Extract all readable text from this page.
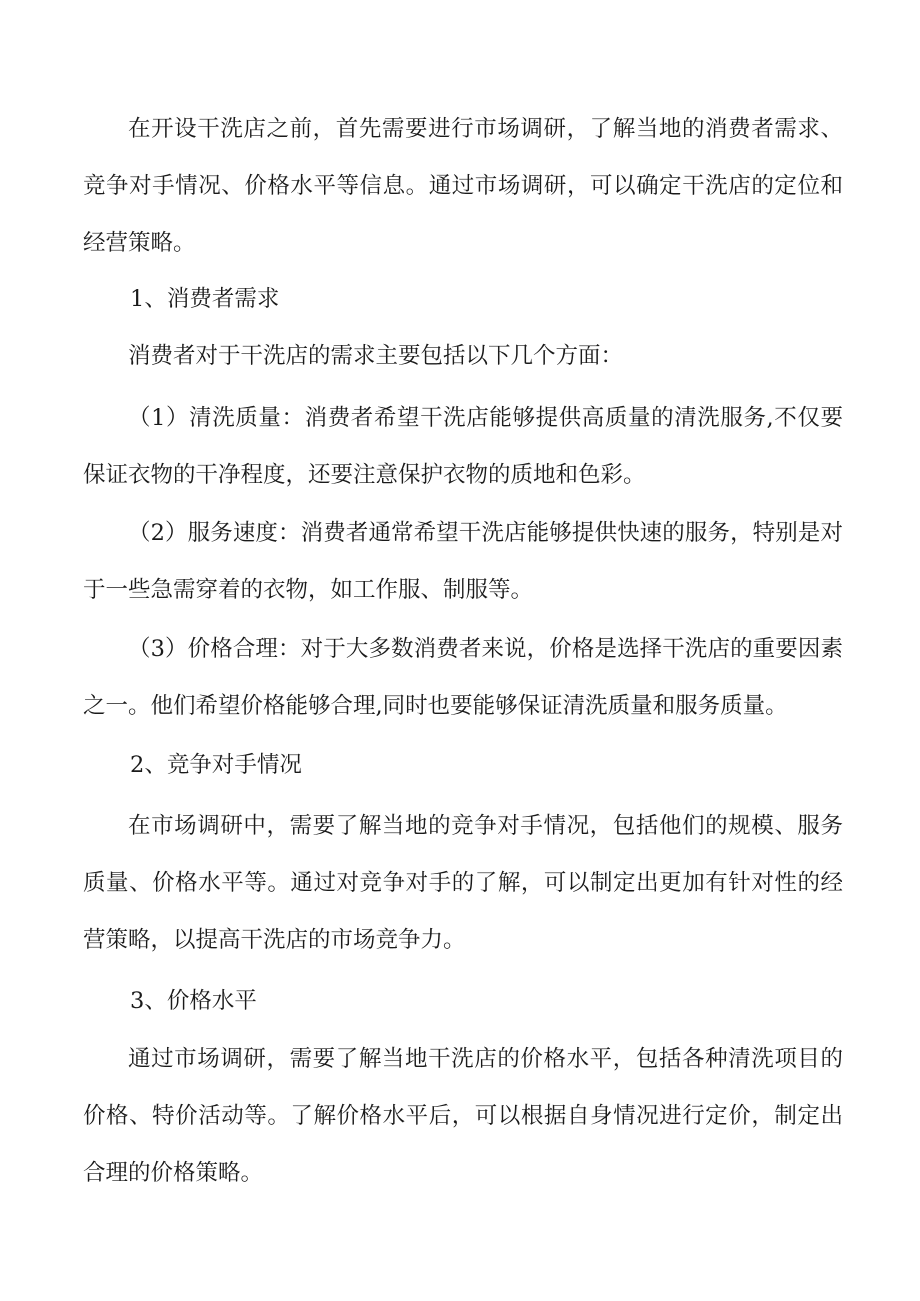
在开设干洗店之前，首先需要进行市场调研，了解当地的消费者需求、竞争对手情况、价格水平等信息。通过市场调研，可以确定干洗店的定位和经营策略。

1、消费者需求

消费者对于干洗店的需求主要包括以下几个方面：

（1）清洗质量：消费者希望干洗店能够提供高质量的清洗服务,不仅要保证衣物的干净程度，还要注意保护衣物的质地和色彩。

（2）服务速度：消费者通常希望干洗店能够提供快速的服务，特别是对于一些急需穿着的衣物，如工作服、制服等。

（3）价格合理：对于大多数消费者来说，价格是选择干洗店的重要因素之一。他们希望价格能够合理,同时也要能够保证清洗质量和服务质量。

2、竞争对手情况

在市场调研中，需要了解当地的竞争对手情况，包括他们的规模、服务质量、价格水平等。通过对竞争对手的了解，可以制定出更加有针对性的经营策略，以提高干洗店的市场竞争力。

3、价格水平

通过市场调研，需要了解当地干洗店的价格水平，包括各种清洗项目的价格、特价活动等。了解价格水平后，可以根据自身情况进行定价，制定出合理的价格策略。
